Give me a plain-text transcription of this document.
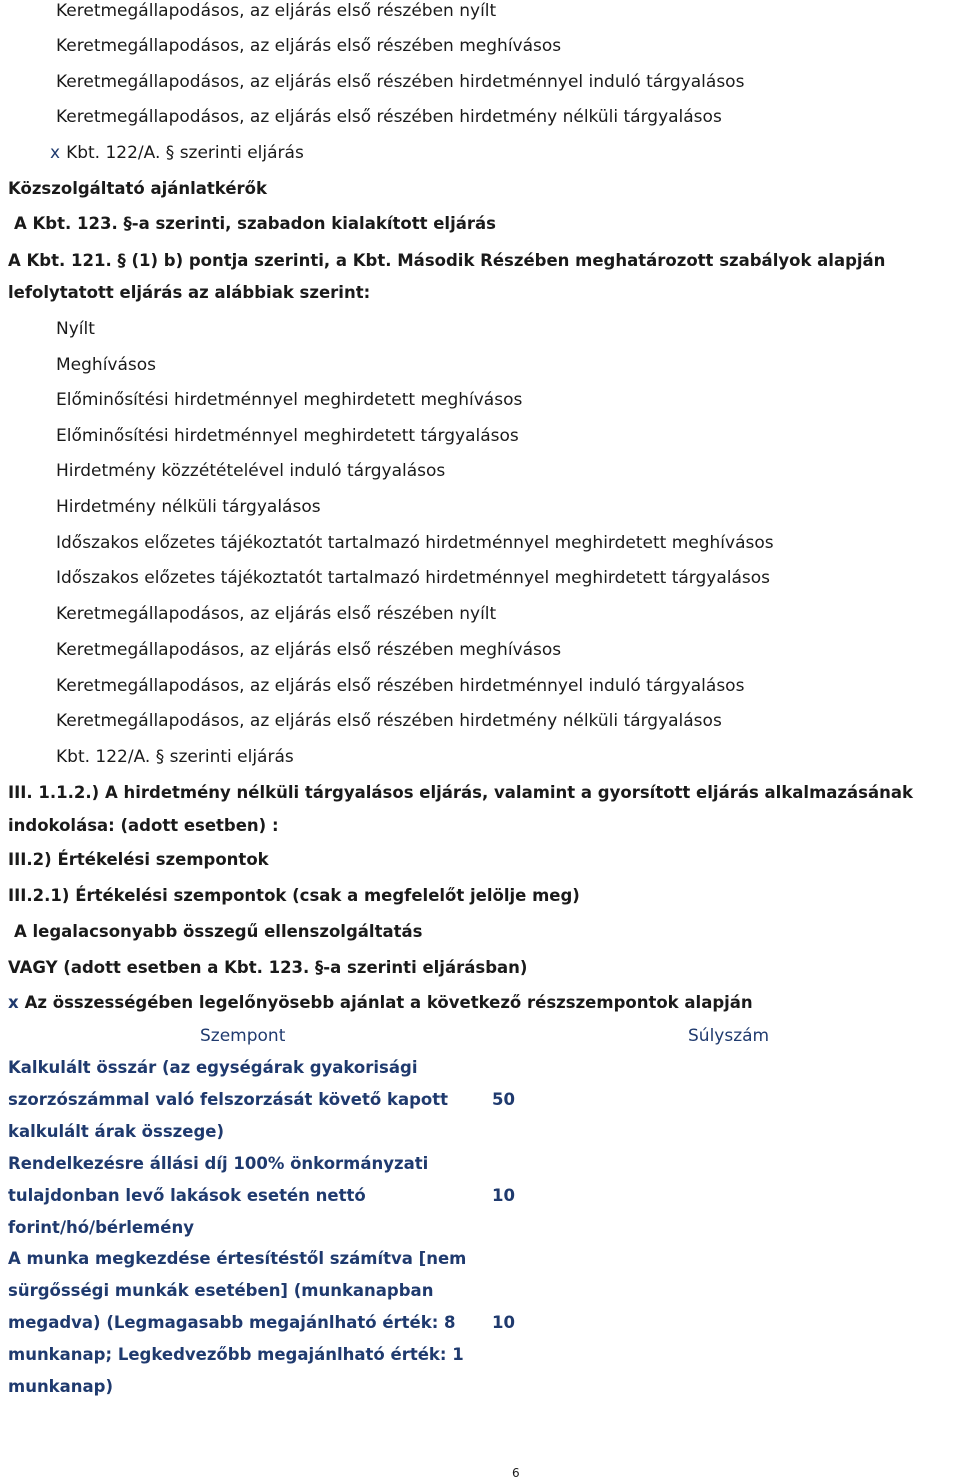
Keretmegállapodásos, az eljárás első részében nyílt
Keretmegállapodásos, az eljárás első részében meghívásos
Keretmegállapodásos, az eljárás első részében hirdetménnyel induló tárgyalásos
Keretmegállapodásos, az eljárás első részében hirdetmény nélküli tárgyalásos
x Kbt. 122/A. § szerinti eljárás
Közszolgáltató ajánlatkérők
A Kbt. 123. §-a szerinti, szabadon kialakított eljárás
A Kbt. 121. § (1) b) pontja szerinti, a Kbt. Második Részében meghatározott szabályok alapján
lefolytatott eljárás az alábbiak szerint:
Nyílt
Meghívásos
Előminősítési hirdetménnyel meghirdetett meghívásos
Előminősítési hirdetménnyel meghirdetett tárgyalásos
Hirdetmény közzétételével induló tárgyalásos
Hirdetmény nélküli tárgyalásos
Időszakos előzetes tájékoztatót tartalmazó hirdetménnyel meghirdetett meghívásos
Időszakos előzetes tájékoztatót tartalmazó hirdetménnyel meghirdetett tárgyalásos
Keretmegállapodásos, az eljárás első részében nyílt
Keretmegállapodásos, az eljárás első részében meghívásos
Keretmegállapodásos, az eljárás első részében hirdetménnyel induló tárgyalásos
Keretmegállapodásos, az eljárás első részében hirdetmény nélküli tárgyalásos
Kbt. 122/A. § szerinti eljárás
III. 1.1.2.) A hirdetmény nélküli tárgyalásos eljárás, valamint a gyorsított eljárás alkalmazásának
indokolása: (adott esetben) :
III.2) Értékelési szempontok
III.2.1) Értékelési szempontok (csak a megfelelőt jelölje meg)
A legalacsonyabb összegű ellenszolgáltatás
VAGY (adott esetben a Kbt. 123. §-a szerinti eljárásban)
x Az összességében legelőnyösebb ajánlat a következő részszempontok alapján
Szempont	Súlyszám
Kalkulált összár (az egységárak gyakorisági
szorzószámmal való felszorzását követő kapott
kalkulált árak összege)
50
Rendelkezésre állási díj 100% önkormányzati
tulajdonban levő lakások esetén nettó
forint/hó/bérlemény
10
A munka megkezdése értesítéstől számítva [nem
sürgősségi munkák esetében] (munkanapban
megadva) (Legmagasabb megajánlható érték: 8
munkanap; Legkedvezőbb megajánlható érték: 1
munkanap)
10
6
